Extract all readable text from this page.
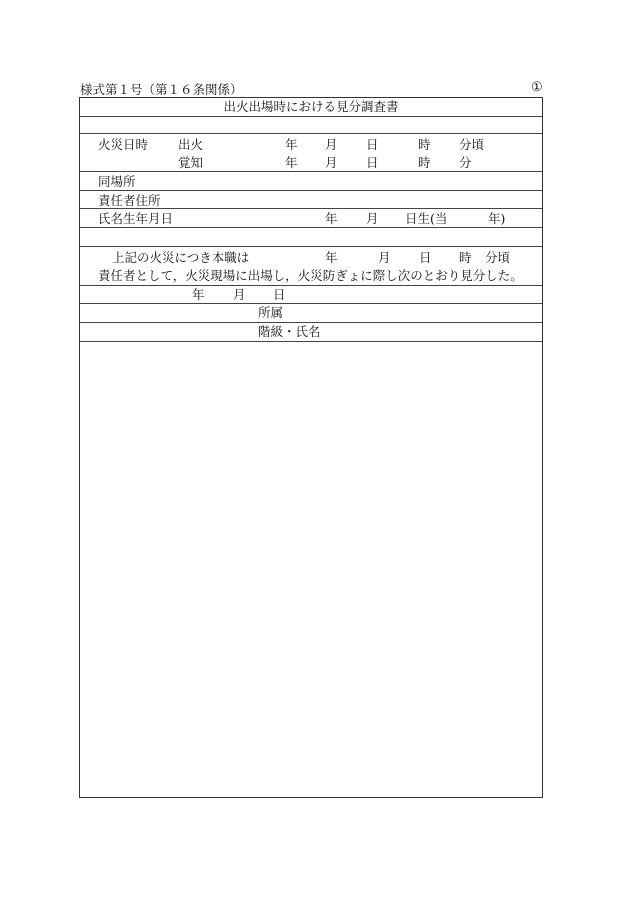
様式第１号（第１６条関係）	①
出火出場時における見分調査書
火災日時 出火	年 月 日	時 分頃
覚知	年 月 日	時 分
同場所
責任者住所
氏名生年月日	年 月 日生(当	年)
上記の火災につき本職は	年	月 日 時 分頃
責任者として，火災現場に出場し，火災防ぎょに際し次のとおり見分した。
年 月 日
所属
階級・氏名
